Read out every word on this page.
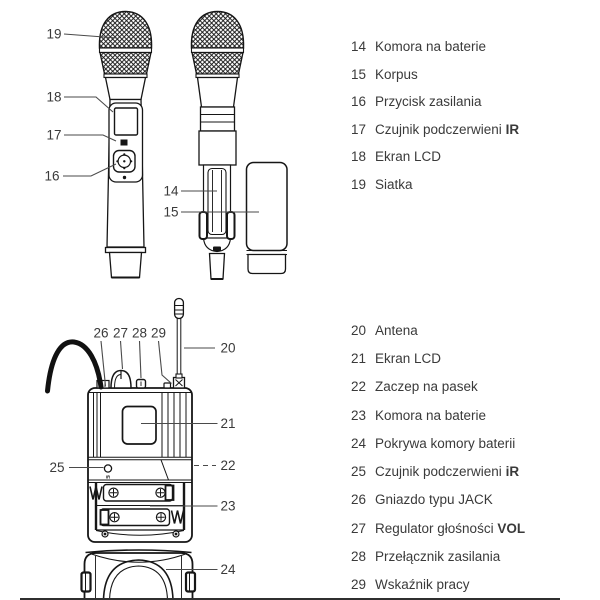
19
18
17
16
14
15
26 27 28 29
20
21
22
23
24
25
IR
14 Komora na baterie
15 Korpus
16 Przycisk zasilania
17 Czujnik podczerwieni IR
18 Ekran LCD
19 Siatka
20 Antena
21 Ekran LCD
22 Zaczep na pasek
23 Komora na baterie
24 Pokrywa komory baterii
25 Czujnik podczerwieni iR
26 Gniazdo typu JACK
27 Regulator głośności VOL
28 Przełącznik zasilania
29 Wskaźnik pracy
